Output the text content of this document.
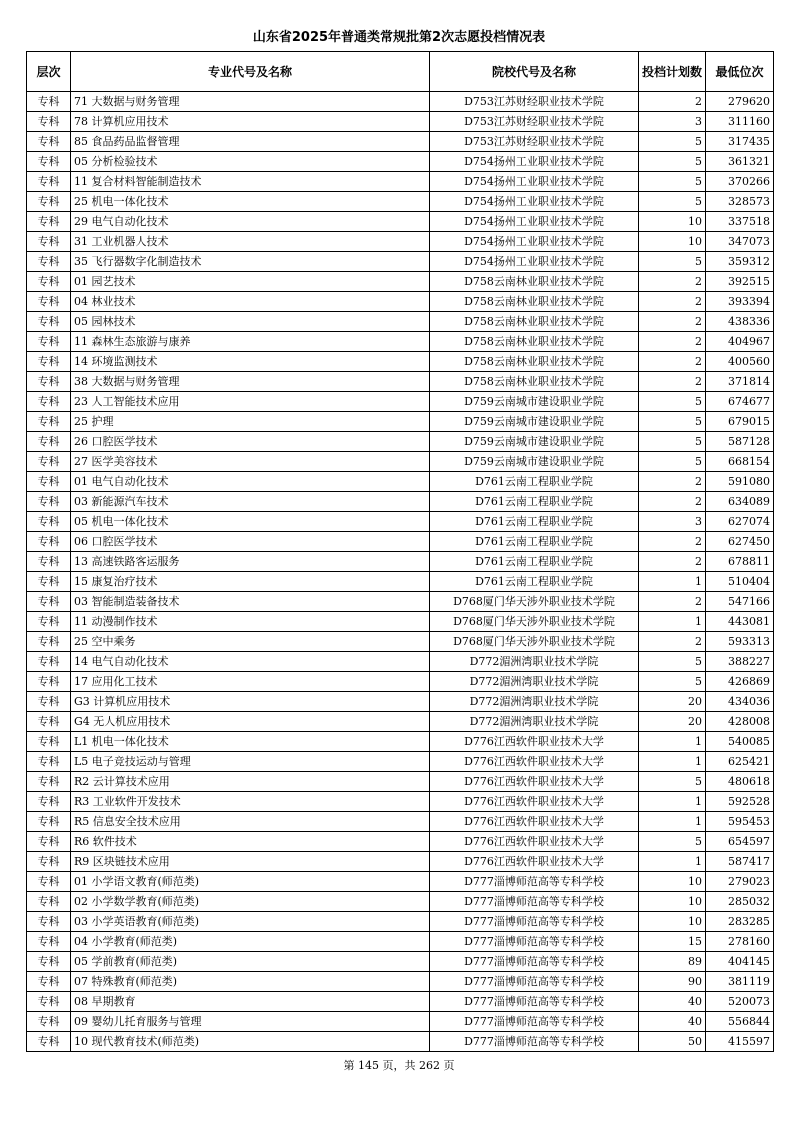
山东省2025年普通类常规批第2次志愿投档情况表
层次	专业代号及名称	院校代号及名称	投档计划数	最低位次
专科	71 大数据与财务管理	D753江苏财经职业技术学院	2	279620
专科	78 计算机应用技术	D753江苏财经职业技术学院	3	311160
专科	85 食品药品监督管理	D753江苏财经职业技术学院	5	317435
专科	05 分析检验技术	D754扬州工业职业技术学院	5	361321
专科	11 复合材料智能制造技术	D754扬州工业职业技术学院	5	370266
专科	25 机电一体化技术	D754扬州工业职业技术学院	5	328573
专科	29 电气自动化技术	D754扬州工业职业技术学院	10	337518
专科	31 工业机器人技术	D754扬州工业职业技术学院	10	347073
专科	35 飞行器数字化制造技术	D754扬州工业职业技术学院	5	359312
专科	01 园艺技术	D758云南林业职业技术学院	2	392515
专科	04 林业技术	D758云南林业职业技术学院	2	393394
专科	05 园林技术	D758云南林业职业技术学院	2	438336
专科	11 森林生态旅游与康养	D758云南林业职业技术学院	2	404967
专科	14 环境监测技术	D758云南林业职业技术学院	2	400560
专科	38 大数据与财务管理	D758云南林业职业技术学院	2	371814
专科	23 人工智能技术应用	D759云南城市建设职业学院	5	674677
专科	25 护理	D759云南城市建设职业学院	5	679015
专科	26 口腔医学技术	D759云南城市建设职业学院	5	587128
专科	27 医学美容技术	D759云南城市建设职业学院	5	668154
专科	01 电气自动化技术	D761云南工程职业学院	2	591080
专科	03 新能源汽车技术	D761云南工程职业学院	2	634089
专科	05 机电一体化技术	D761云南工程职业学院	3	627074
专科	06 口腔医学技术	D761云南工程职业学院	2	627450
专科	13 高速铁路客运服务	D761云南工程职业学院	2	678811
专科	15 康复治疗技术	D761云南工程职业学院	1	510404
专科	03 智能制造装备技术	D768厦门华天涉外职业技术学院	2	547166
专科	11 动漫制作技术	D768厦门华天涉外职业技术学院	1	443081
专科	25 空中乘务	D768厦门华天涉外职业技术学院	2	593313
专科	14 电气自动化技术	D772湄洲湾职业技术学院	5	388227
专科	17 应用化工技术	D772湄洲湾职业技术学院	5	426869
专科	G3 计算机应用技术	D772湄洲湾职业技术学院	20	434036
专科	G4 无人机应用技术	D772湄洲湾职业技术学院	20	428008
专科	L1 机电一体化技术	D776江西软件职业技术大学	1	540085
专科	L5 电子竞技运动与管理	D776江西软件职业技术大学	1	625421
专科	R2 云计算技术应用	D776江西软件职业技术大学	5	480618
专科	R3 工业软件开发技术	D776江西软件职业技术大学	1	592528
专科	R5 信息安全技术应用	D776江西软件职业技术大学	1	595453
专科	R6 软件技术	D776江西软件职业技术大学	5	654597
专科	R9 区块链技术应用	D776江西软件职业技术大学	1	587417
专科	01 小学语文教育(师范类)	D777淄博师范高等专科学校	10	279023
专科	02 小学数学教育(师范类)	D777淄博师范高等专科学校	10	285032
专科	03 小学英语教育(师范类)	D777淄博师范高等专科学校	10	283285
专科	04 小学教育(师范类)	D777淄博师范高等专科学校	15	278160
专科	05 学前教育(师范类)	D777淄博师范高等专科学校	89	404145
专科	07 特殊教育(师范类)	D777淄博师范高等专科学校	90	381119
专科	08 早期教育	D777淄博师范高等专科学校	40	520073
专科	09 婴幼儿托育服务与管理	D777淄博师范高等专科学校	40	556844
专科	10 现代教育技术(师范类)	D777淄博师范高等专科学校	50	415597
第 145 页，共 262 页
